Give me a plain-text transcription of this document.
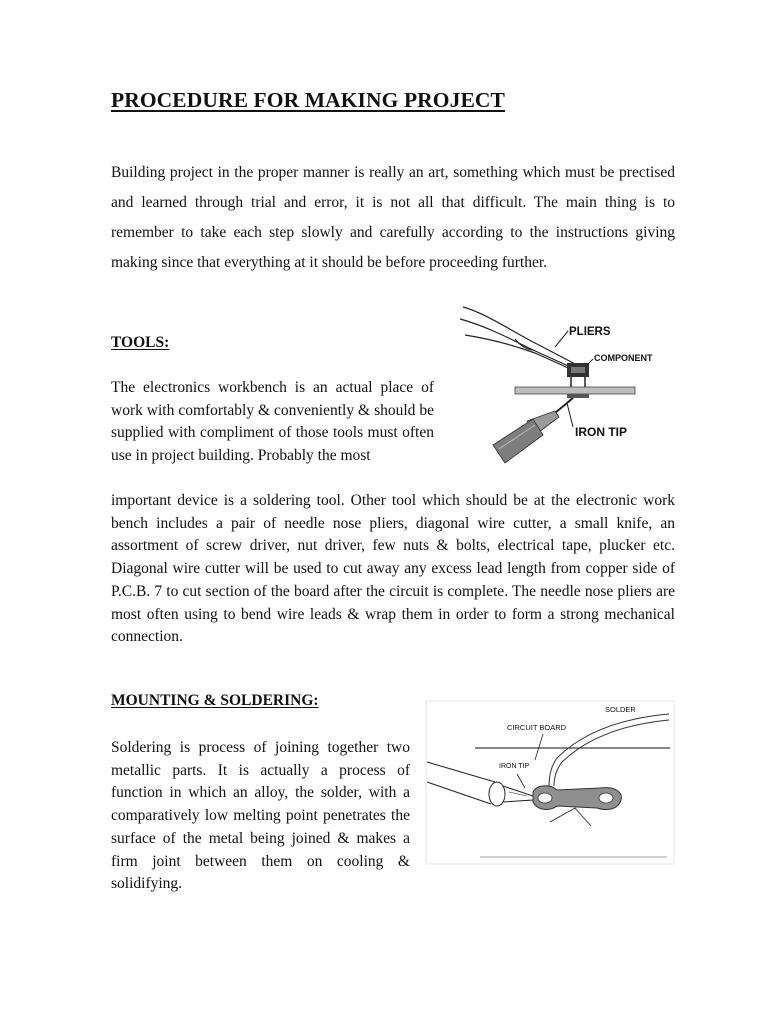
PROCEDURE FOR MAKING PROJECT

Building project in the proper manner is really an art, something which must be prectised and learned through trial and error, it is not all that difficult. The main thing is to remember to take each step slowly and carefully according to the instructions giving making since that everything at it should be before proceeding further.

TOOLS:

The electronics workbench is an actual place of work with comfortably & conveniently & should be supplied with compliment of those tools must often use in project building. Probably the most

important device is a soldering tool. Other tool which should be at the electronic work bench includes a pair of needle nose pliers, diagonal wire cutter, a small knife, an assortment of screw driver, nut driver, few nuts & bolts, electrical tape, plucker etc. Diagonal wire cutter will be used to cut away any excess lead length from copper side of P.C.B. 7 to cut section of the board after the circuit is complete. The needle nose pliers are most often using to bend wire leads & wrap them in order to form a strong mechanical connection.

PLIERS
COMPONENT
IRON TIP
MOUNTING & SOLDERING:

Soldering is process of joining together two metallic parts. It is actually a process of function in which an alloy, the solder, with a comparatively low melting point penetrates the surface of the metal being joined & makes a firm joint between them on cooling & solidifying.

SOLDER
CIRCUIT BOARD
IRON TIP
